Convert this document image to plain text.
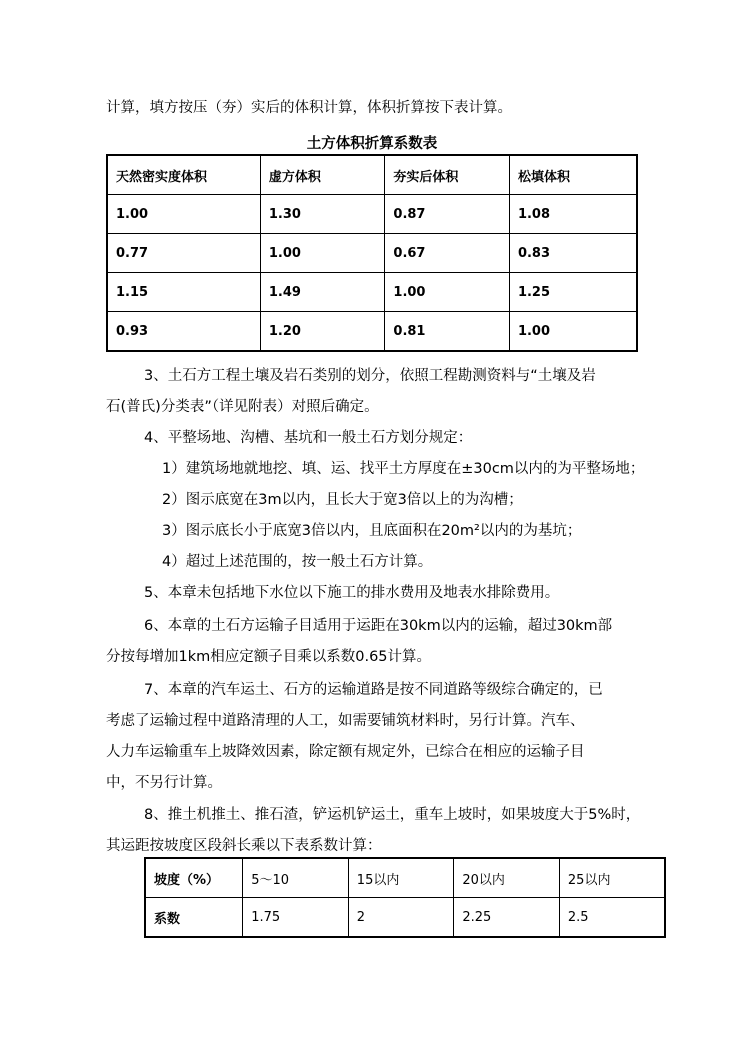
计算，填方按压（夯）实后的体积计算，体积折算按下表计算。
土方体积折算系数表
天然密实度体积	虚方体积	夯实后体积	松填体积
1.00	1.30	0.87	1.08
0.77	1.00	0.67	0.83
1.15	1.49	1.00	1.25
0.93	1.20	0.81	1.00
3、土石方工程土壤及岩石类别的划分，依照工程勘测资料与“土壤及岩
石(普氏)分类表”（详见附表）对照后确定。
4、平整场地、沟槽、基坑和一般土石方划分规定：
1）建筑场地就地挖、填、运、找平土方厚度在±30cm以内的为平整场地；
2）图示底宽在3m以内，且长大于宽3倍以上的为沟槽；
3）图示底长小于底宽3倍以内，且底面积在20m²以内的为基坑；
4）超过上述范围的，按一般土石方计算。
5、本章未包括地下水位以下施工的排水费用及地表水排除费用。
6、本章的土石方运输子目适用于运距在30km以内的运输，超过30km部
分按每增加1km相应定额子目乘以系数0.65计算。
7、本章的汽车运土、石方的运输道路是按不同道路等级综合确定的，已
考虑了运输过程中道路清理的人工，如需要铺筑材料时，另行计算。汽车、
人力车运输重车上坡降效因素，除定额有规定外，已综合在相应的运输子目
中，不另行计算。
8、推土机推土、推石渣，铲运机铲运土，重车上坡时，如果坡度大于5%时，
其运距按坡度区段斜长乘以下表系数计算：
坡度（%）	5～10	15以内	20以内	25以内
系数	1.75	2	2.25	2.5
